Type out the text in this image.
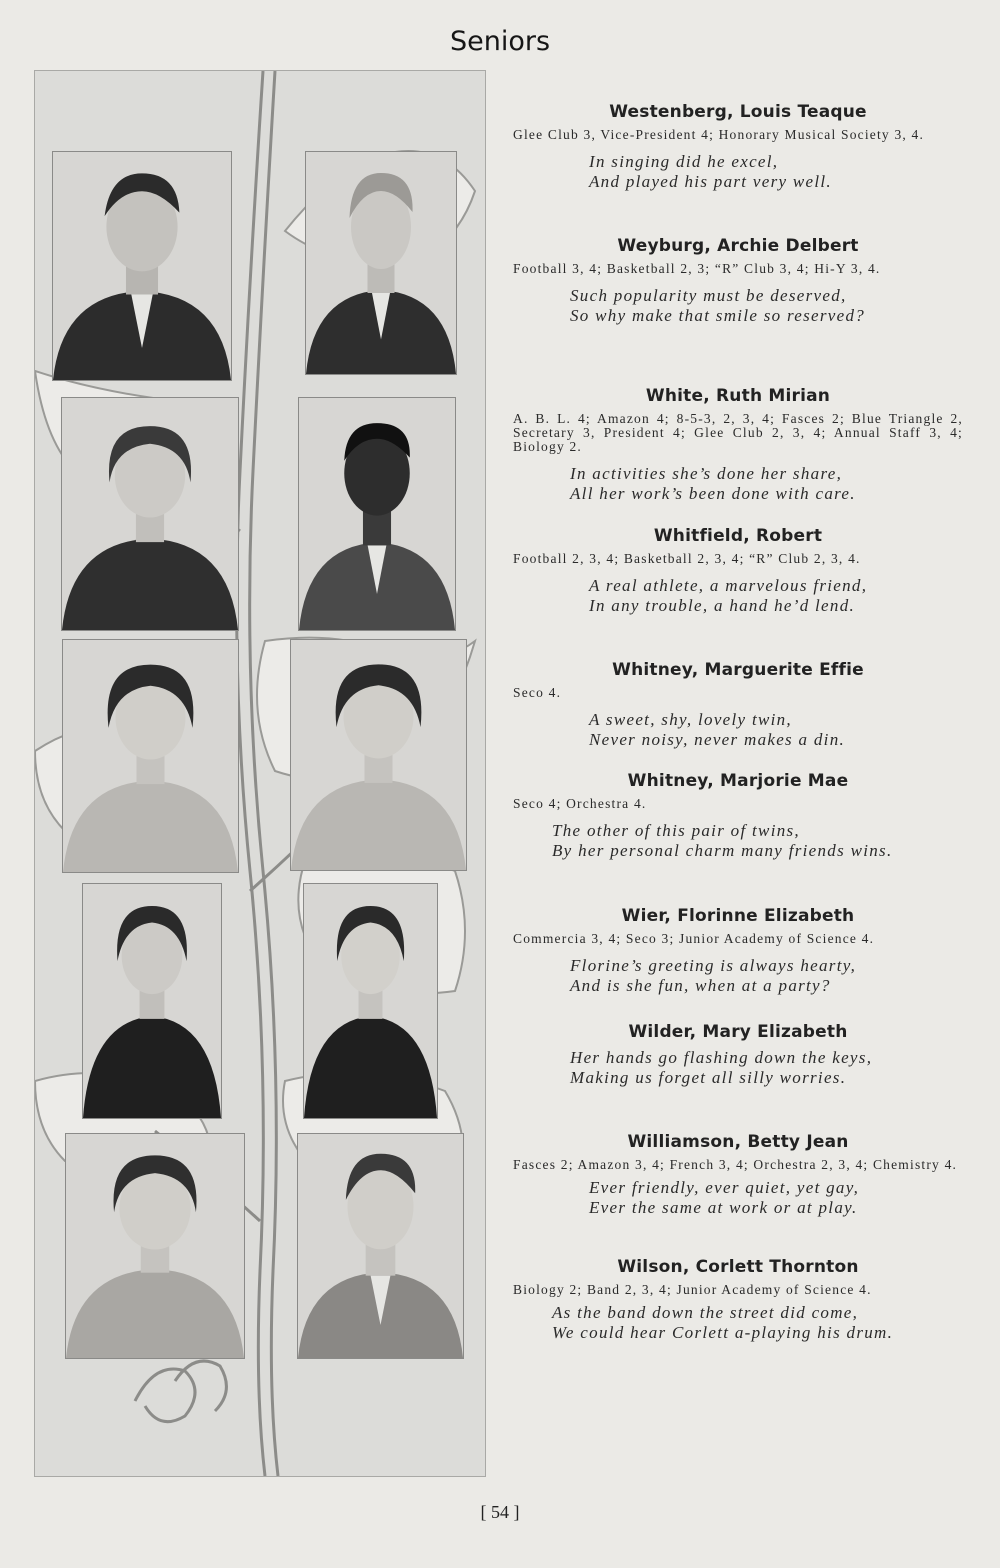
Seniors
Westenberg, Louis Teaque
Glee Club 3, Vice-President 4; Honorary Musical Society 3, 4.
In singing did he excel,
And played his part very well.
Weyburg, Archie Delbert
Football 3, 4; Basketball 2, 3; “R” Club 3, 4; Hi-Y 3, 4.
Such popularity must be deserved,
So why make that smile so reserved?
White, Ruth Mirian
A. B. L. 4; Amazon 4; 8-5-3, 2, 3, 4; Fasces 2; Blue Triangle 2, Secretary 3, President 4; Glee Club 2, 3, 4; Annual Staff 3, 4; Biology 2.
In activities she’s done her share,
All her work’s been done with care.
Whitfield, Robert
Football 2, 3, 4; Basketball 2, 3, 4; “R” Club 2, 3, 4.
A real athlete, a marvelous friend,
In any trouble, a hand he’d lend.
Whitney, Marguerite Effie
Seco 4.
A sweet, shy, lovely twin,
Never noisy, never makes a din.
Whitney, Marjorie Mae
Seco 4; Orchestra 4.
The other of this pair of twins,
By her personal charm many friends wins.
Wier, Florinne Elizabeth
Commercia 3, 4; Seco 3; Junior Academy of Science 4.
Florine’s greeting is always hearty,
And is she fun, when at a party?
Wilder, Mary Elizabeth
Her hands go flashing down the keys,
Making us forget all silly worries.
Williamson, Betty Jean
Fasces 2; Amazon 3, 4; French 3, 4; Orchestra 2, 3, 4; Chemistry 4.
Ever friendly, ever quiet, yet gay,
Ever the same at work or at play.
Wilson, Corlett Thornton
Biology 2; Band 2, 3, 4; Junior Academy of Science 4.
As the band down the street did come,
We could hear Corlett a-playing his drum.
[ 54 ]
